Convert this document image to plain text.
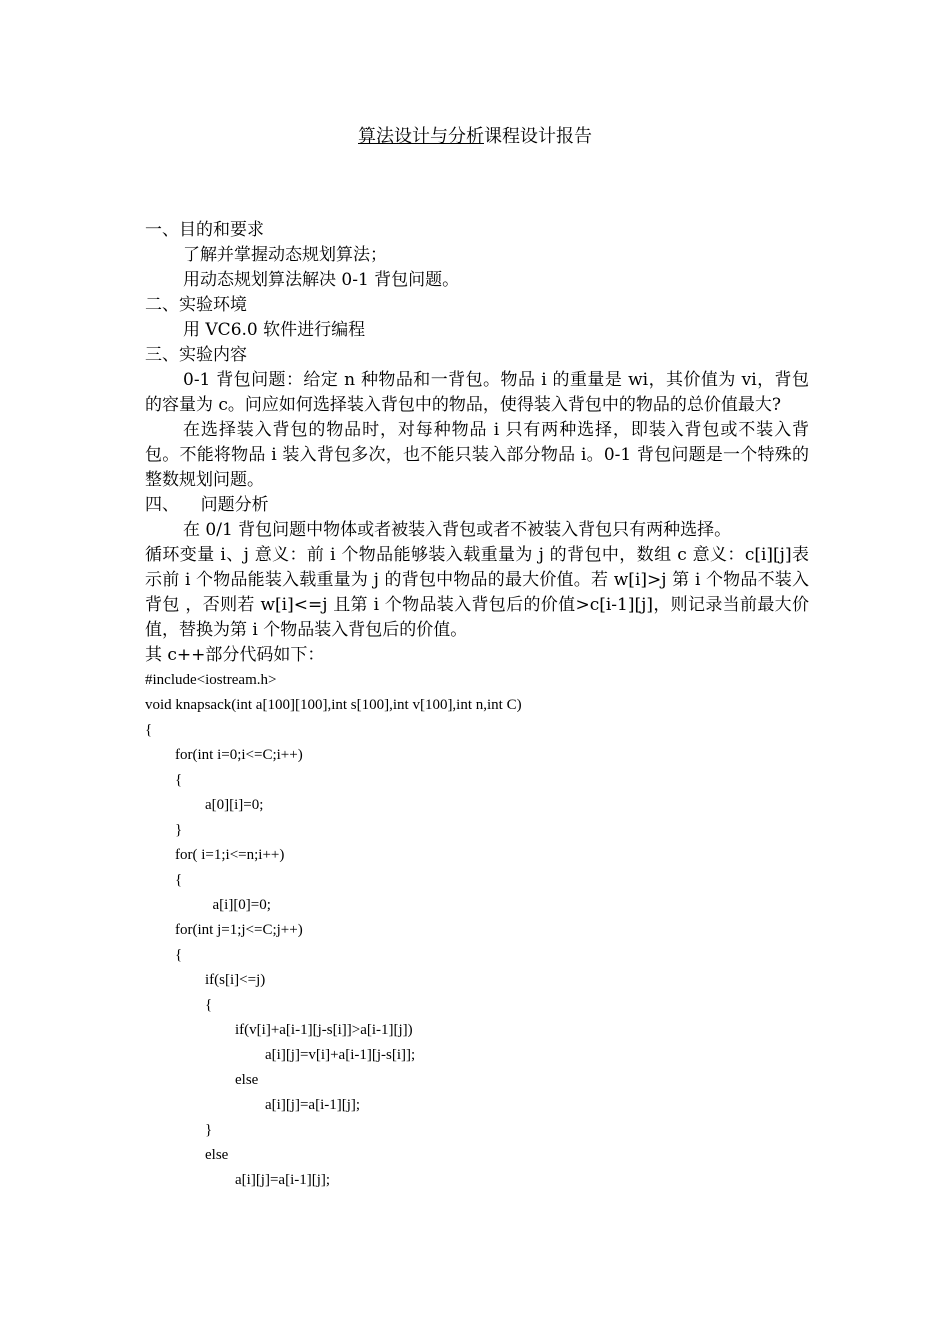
算法设计与分析课程设计报告

一、目的和要求

了解并掌握动态规划算法；

用动态规划算法解决 0-1 背包问题。

二、实验环境

用 VC6.0 软件进行编程

三、实验内容

0-1 背包问题：给定 n 种物品和一背包。物品 i 的重量是 wi，其价值为 vi，背包的容量为 c。问应如何选择装入背包中的物品，使得装入背包中的物品的总价值最大?

在选择装入背包的物品时，对每种物品 i 只有两种选择，即装入背包或不装入背包。不能将物品 i 装入背包多次，也不能只装入部分物品 i。0-1 背包问题是一个特殊的整数规划问题。

四、    问题分析

在 0/1 背包问题中物体或者被装入背包或者不被装入背包只有两种选择。

循环变量 i、j 意义：前 i 个物品能够装入载重量为 j 的背包中，数组 c 意义：c[i][j]表示前 i 个物品能装入载重量为 j 的背包中物品的最大价值。若 w[i]>j 第 i 个物品不装入背包 ，否则若 w[i]<=j 且第 i 个物品装入背包后的价值>c[i-1][j]，则记录当前最大价值，替换为第 i 个物品装入背包后的价值。

其 c++部分代码如下：

#include<iostream.h>
void knapsack(int a[100][100],int s[100],int v[100],int n,int C)
{
for(int i=0;i<=C;i++)
{
a[0][i]=0;
}
for( i=1;i<=n;i++)
{
a[i][0]=0;
for(int j=1;j<=C;j++)
{
if(s[i]<=j)
{
if(v[i]+a[i-1][j-s[i]]>a[i-1][j])
a[i][j]=v[i]+a[i-1][j-s[i]];
else
a[i][j]=a[i-1][j];
}
else
a[i][j]=a[i-1][j];
